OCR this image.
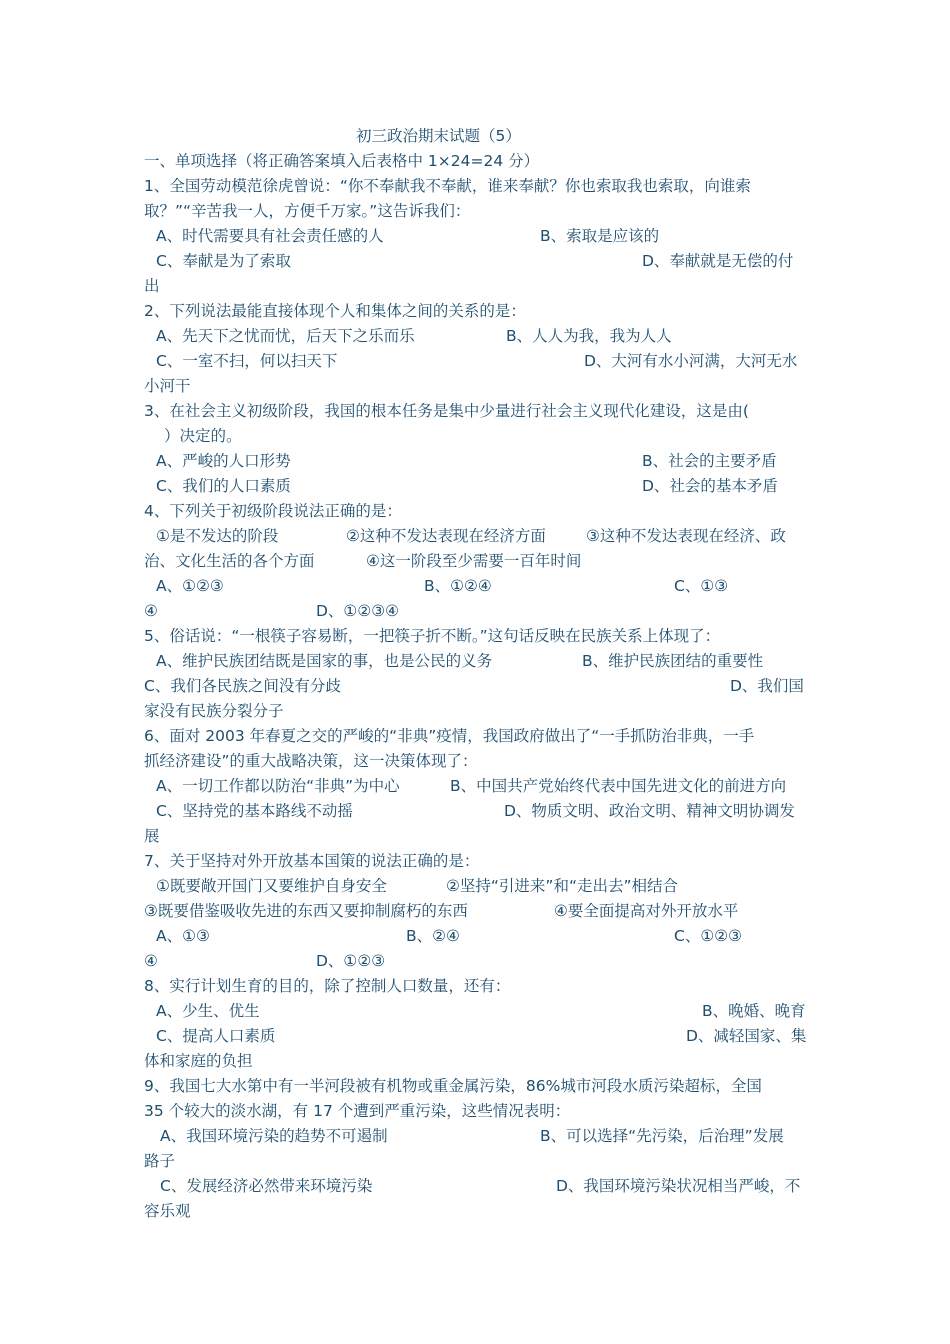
初三政治期末试题（5）
一、单项选择（将正确答案填入后表格中 1×24=24 分）
1、全国劳动模范徐虎曾说：“你不奉献我不奉献，谁来奉献？你也索取我也索取，向谁索
取？”“辛苦我一人，方便千万家。”这告诉我们：
A、时代需要具有社会责任感的人	B、索取是应该的
C、奉献是为了索取	D、奉献就是无偿的付
出
2、下列说法最能直接体现个人和集体之间的关系的是：
A、先天下之忧而忧，后天下之乐而乐	B、人人为我，我为人人
C、一室不扫，何以扫天下	D、大河有水小河满，大河无水
小河干
3、在社会主义初级阶段，我国的根本任务是集中少量进行社会主义现代化建设，这是由(
）决定的。
A、严峻的人口形势	B、社会的主要矛盾
C、我们的人口素质	D、社会的基本矛盾
4、下列关于初级阶段说法正确的是：
①是不发达的阶段	②这种不发达表现在经济方面	③这种不发达表现在经济、政
治、文化生活的各个方面	④这一阶段至少需要一百年时间
A、①②③	B、①②④	C、①③
④	D、①②③④
5、俗话说：“一根筷子容易断，一把筷子折不断。”这句话反映在民族关系上体现了：
A、维护民族团结既是国家的事，也是公民的义务	B、维护民族团结的重要性
C、我们各民族之间没有分歧	D、我们国
家没有民族分裂分子
6、面对 2003 年春夏之交的严峻的“非典”疫情，我国政府做出了“一手抓防治非典，一手
抓经济建设”的重大战略决策，这一决策体现了：
A、一切工作都以防治“非典”为中心	B、中国共产党始终代表中国先进文化的前进方向
C、坚持党的基本路线不动摇	D、物质文明、政治文明、精神文明协调发
展
7、关于坚持对外开放基本国策的说法正确的是：
①既要敞开国门又要维护自身安全	②坚持“引进来”和“走出去”相结合
③既要借鉴吸收先进的东西又要抑制腐朽的东西	④要全面提高对外开放水平
A、①③	B、②④	C、①②③
④	D、①②③
8、实行计划生育的目的，除了控制人口数量，还有：
A、少生、优生	B、晚婚、晚育
C、提高人口素质	D、减轻国家、集
体和家庭的负担
9、我国七大水第中有一半河段被有机物或重金属污染，86%城市河段水质污染超标，全国
35 个较大的淡水湖，有 17 个遭到严重污染，这些情况表明：
A、我国环境污染的趋势不可遏制	B、可以选择“先污染，后治理”发展
路子
C、发展经济必然带来环境污染	D、我国环境污染状况相当严峻，不
容乐观
